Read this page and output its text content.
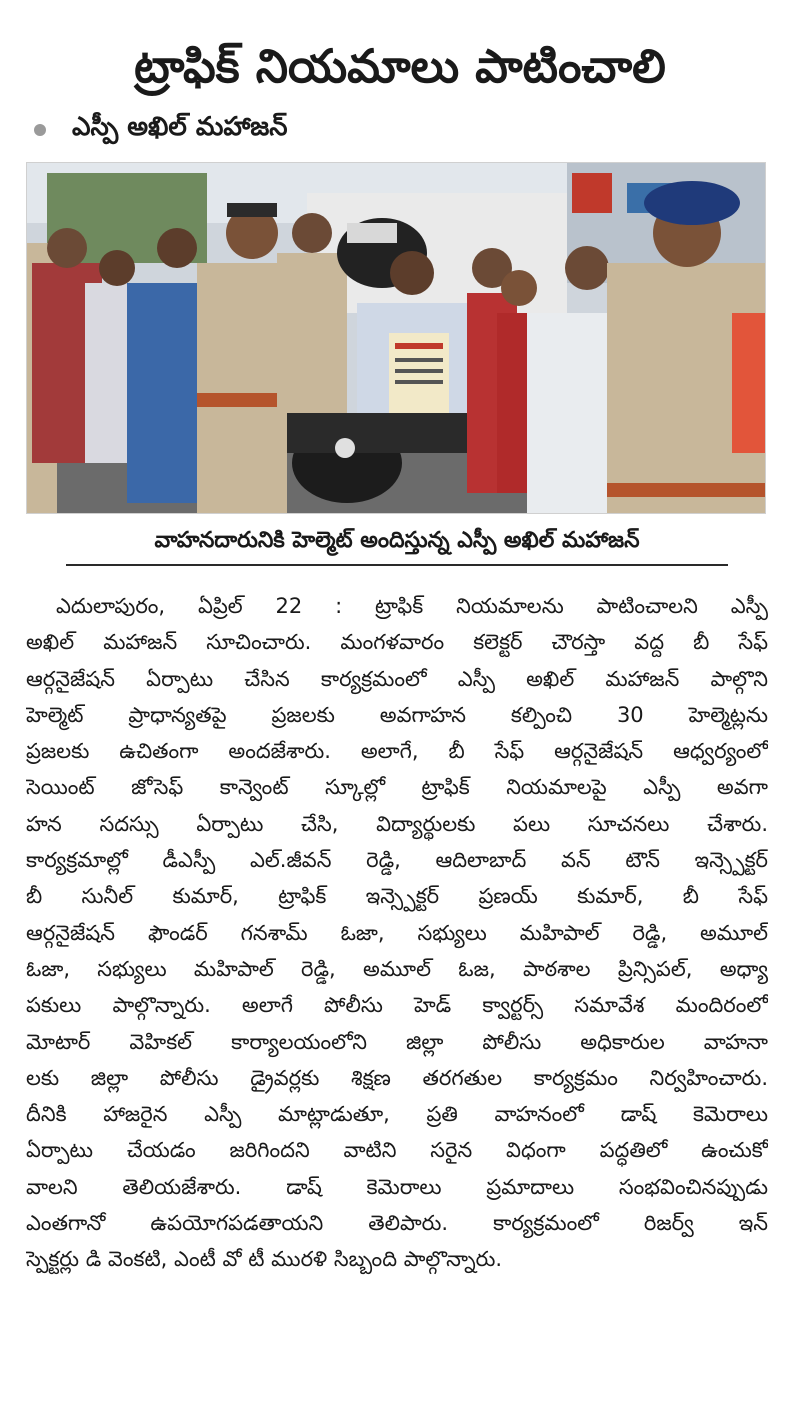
ట్రాఫిక్ నియమాలు పాటించాలి
ఎస్పీ అఖిల్ మహాజన్
వాహనదారునికి హెల్మెట్ అందిస్తున్న ఎస్పీ అఖిల్ మహాజన్
ఎదులాపురం, ఏప్రిల్ 22 : ట్రాఫిక్ నియమాలను పాటించాలని ఎస్పీ
అఖిల్ మహాజన్ సూచించారు. మంగళవారం కలెక్టర్ చౌరస్తా వద్ద బీ సేఫ్
ఆర్గనైజేషన్ ఏర్పాటు చేసిన కార్యక్రమంలో ఎస్పీ అఖిల్ మహాజన్ పాల్గొని
హెల్మెట్ ప్రాధాన్యతపై ప్రజలకు అవగాహన కల్పించి 30 హెల్మెట్లను
ప్రజలకు ఉచితంగా అందజేశారు. అలాగే, బీ సేఫ్ ఆర్గనైజేషన్ ఆధ్వర్యంలో
సెయింట్ జోసెఫ్ కాన్వెంట్ స్కూల్లో ట్రాఫిక్ నియమాలపై ఎస్పీ అవగా
హన సదస్సు ఏర్పాటు చేసి, విద్యార్థులకు పలు సూచనలు చేశారు.
కార్యక్రమాల్లో డీఎస్పీ ఎల్.జీవన్ రెడ్డి, ఆదిలాబాద్ వన్ టౌన్ ఇన్స్పెక్టర్
బీ సునీల్ కుమార్, ట్రాఫిక్ ఇన్స్పెక్టర్ ప్రణయ్ కుమార్, బీ సేఫ్
ఆర్గనైజేషన్ ఫౌండర్ గనశామ్ ఓజా, సభ్యులు మహిపాల్ రెడ్డి, అమూల్
ఓజా, సభ్యులు మహిపాల్ రెడ్డి, అమూల్ ఓజ, పాఠశాల ప్రిన్సిపల్, అధ్యా
పకులు పాల్గొన్నారు. అలాగే పోలీసు హెడ్ క్వార్టర్స్ సమావేశ మందిరంలో
మోటార్ వెహికల్ కార్యాలయంలోని జిల్లా పోలీసు అధికారుల వాహనా
లకు జిల్లా పోలీసు డ్రైవర్లకు శిక్షణ తరగతుల కార్యక్రమం నిర్వహించారు.
దీనికి హాజరైన ఎస్పీ మాట్లాడుతూ, ప్రతి వాహనంలో డాష్ కెమెరాలు
ఏర్పాటు చేయడం జరిగిందని వాటిని సరైన విధంగా పద్ధతిలో ఉంచుకో
వాలని తెలియజేశారు. డాష్ కెమెరాలు ప్రమాదాలు సంభవించినప్పుడు
ఎంతగానో ఉపయోగపడతాయని తెలిపారు. కార్యక్రమంలో రిజర్వ్ ఇన్
స్పెక్టర్లు డి వెంకటి, ఎంటీ వో టీ మురళి సిబ్బంది పాల్గొన్నారు.
